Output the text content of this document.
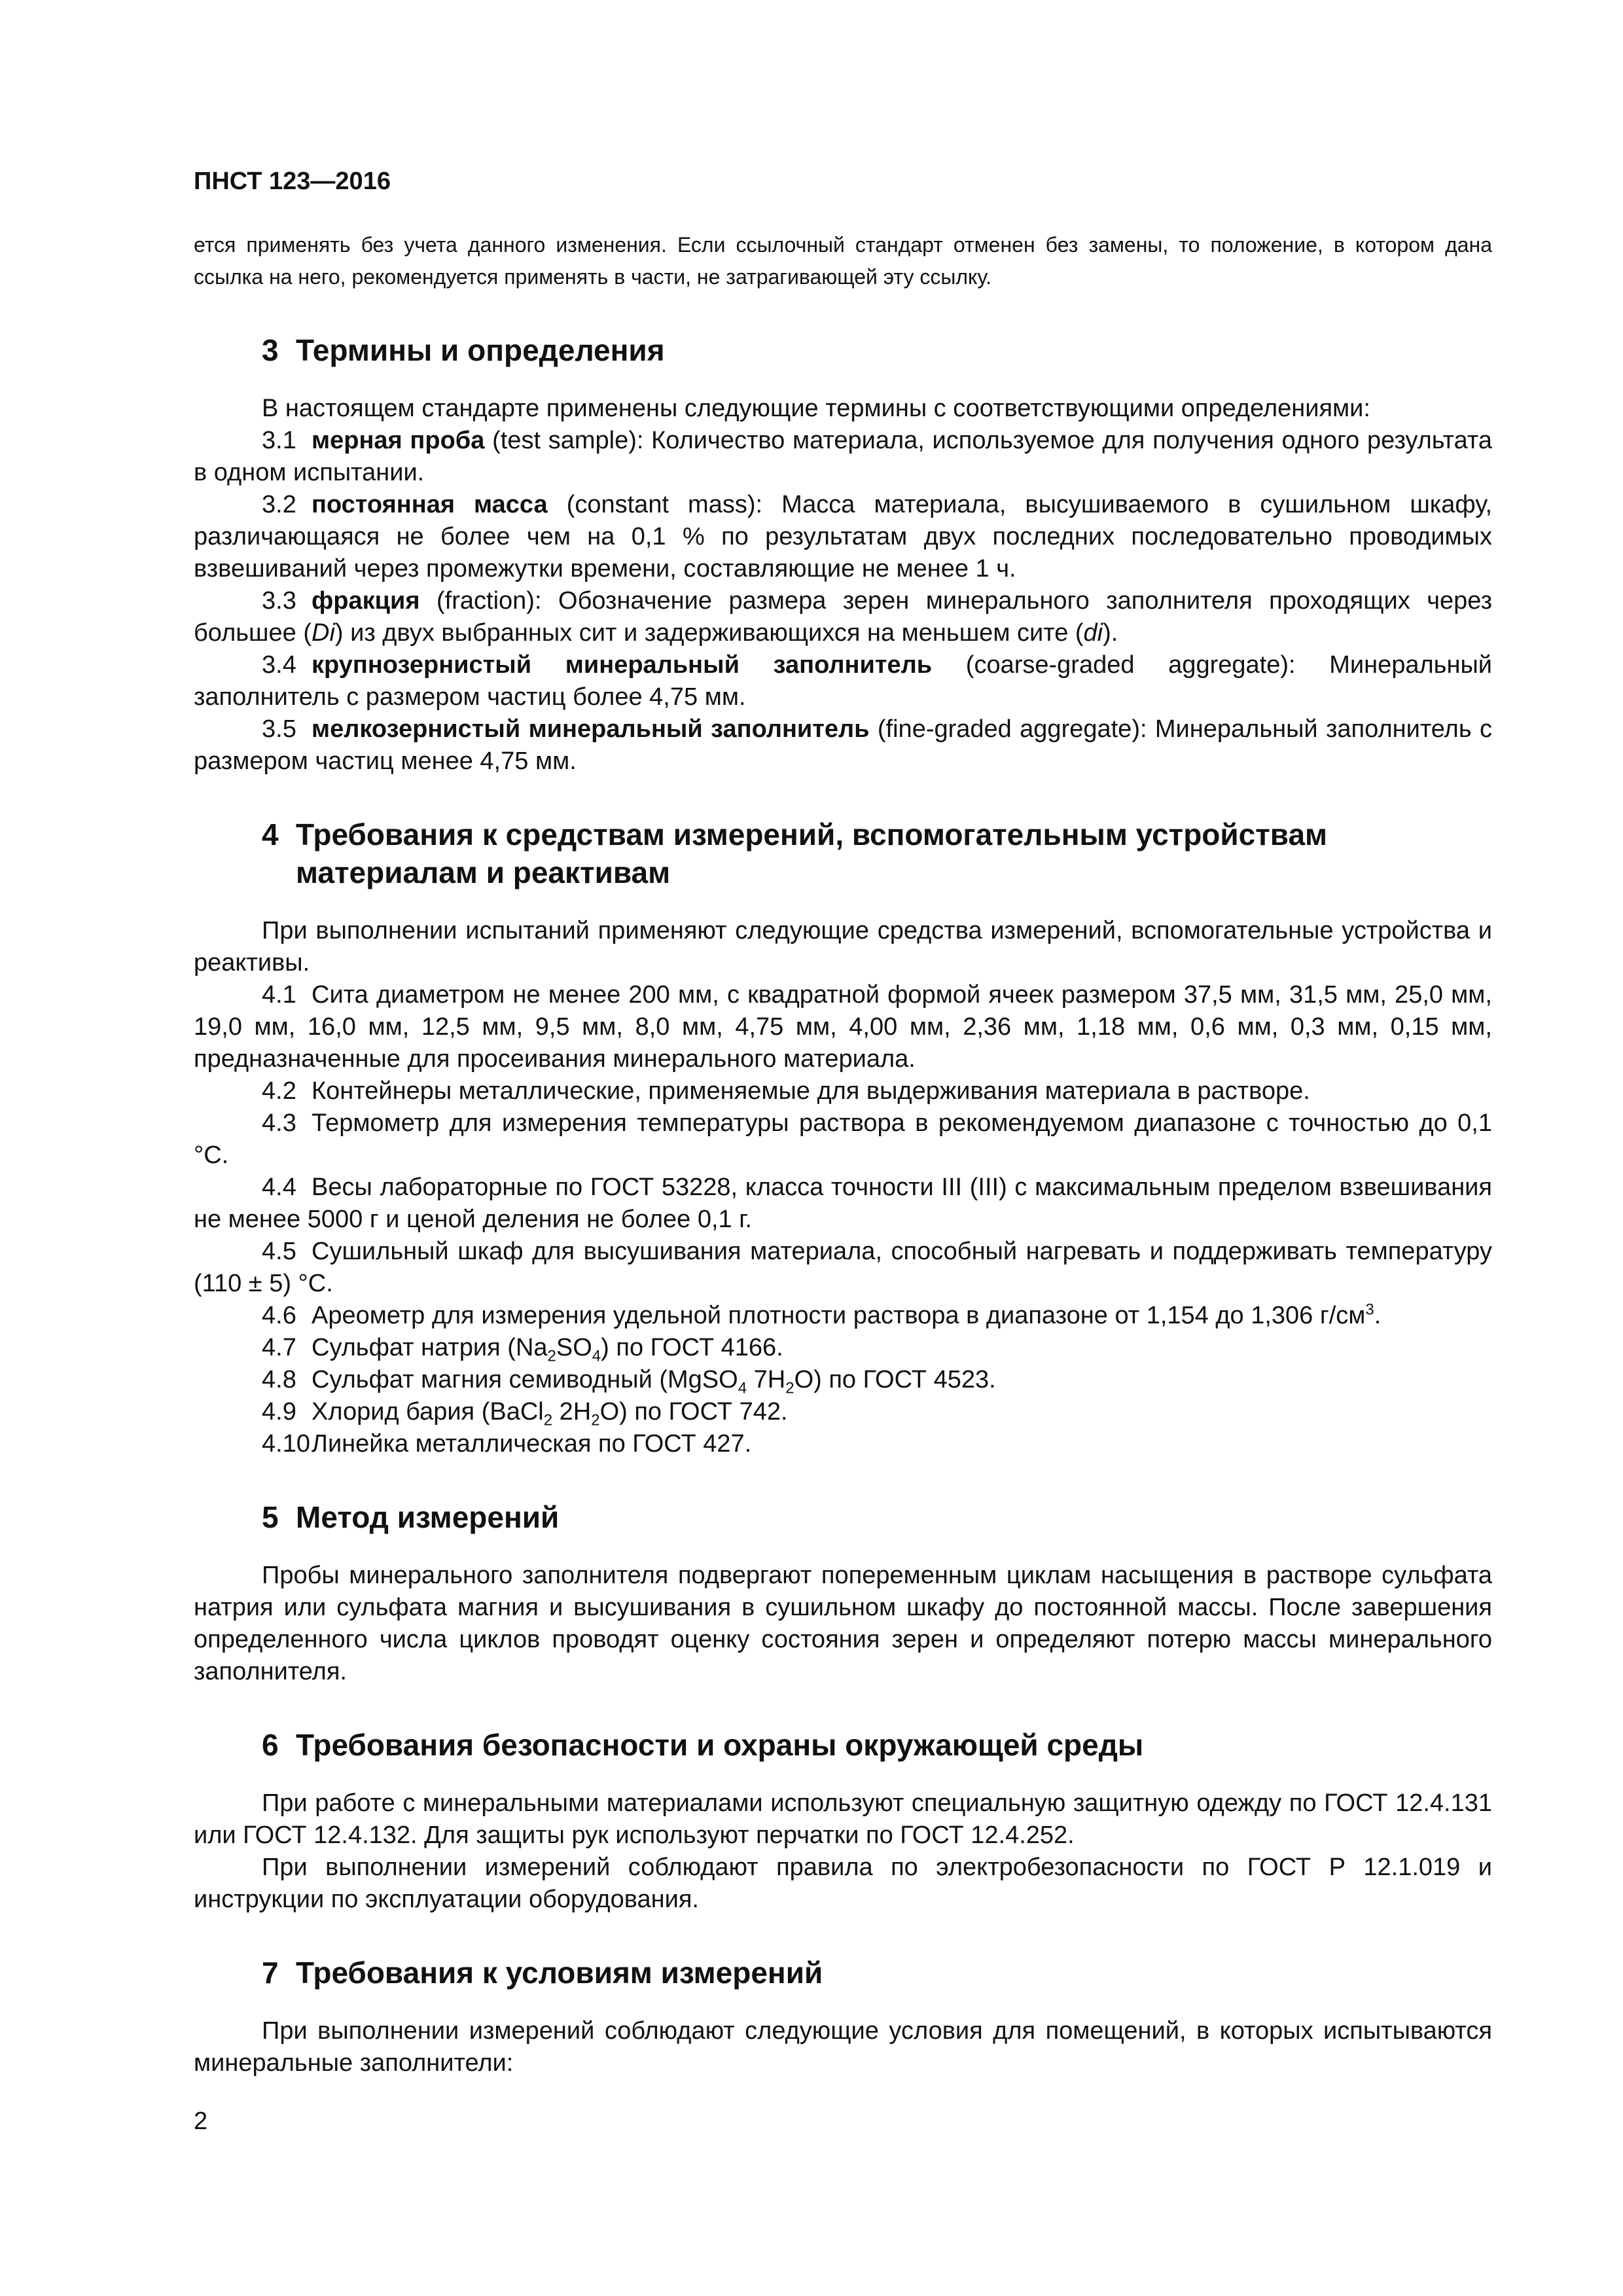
ПНСТ 123—2016

ется применять без учета данного изменения. Если ссылочный стандарт отменен без замены, то положение, в котором дана ссылка на него, рекомендуется применять в части, не затрагивающей эту ссылку.

3 Термины и определения

В настоящем стандарте применены следующие термины с соответствующими определениями:

3.1 мерная проба (test sample): Количество материала, используемое для получения одного результата в одном испытании.

3.2 постоянная масса (constant mass): Масса материала, высушиваемого в сушильном шкафу, различающаяся не более чем на 0,1 % по результатам двух последних последовательно проводимых взвешиваний через промежутки времени, составляющие не менее 1 ч.

3.3 фракция (fraction): Обозначение размера зерен минерального заполнителя проходящих через большее (Di) из двух выбранных сит и задерживающихся на меньшем сите (di).

3.4 крупнозернистый минеральный заполнитель (coarse-graded aggregate): Минеральный заполнитель с размером частиц более 4,75 мм.

3.5 мелкозернистый минеральный заполнитель (fine-graded aggregate): Минеральный заполнитель с размером частиц менее 4,75 мм.

4 Требования к средствам измерений, вспомогательным устройствам материалам и реактивам

При выполнении испытаний применяют следующие средства измерений, вспомогательные устройства и реактивы.

4.1 Сита диаметром не менее 200 мм, с квадратной формой ячеек размером 37,5 мм, 31,5 мм, 25,0 мм, 19,0 мм, 16,0 мм, 12,5 мм, 9,5 мм, 8,0 мм, 4,75 мм, 4,00 мм, 2,36 мм, 1,18 мм, 0,6 мм, 0,3 мм, 0,15 мм, предназначенные для просеивания минерального материала.

4.2 Контейнеры металлические, применяемые для выдерживания материала в растворе.

4.3 Термометр для измерения температуры раствора в рекомендуемом диапазоне с точностью до 0,1 °С.

4.4 Весы лабораторные по ГОСТ 53228, класса точности III (III) с максимальным пределом взвешивания не менее 5000 г и ценой деления не более 0,1 г.

4.5 Сушильный шкаф для высушивания материала, способный нагревать и поддерживать температуру (110 ± 5) °С.

4.6 Ареометр для измерения удельной плотности раствора в диапазоне от 1,154 до 1,306 $г/см^3$.

4.7 Сульфат натрия $(Na_2SO_4)$ по ГОСТ 4166.

4.8 Сульфат магния семиводный (MgSO$_4$ $7H_2O$) по ГОСТ 4523.

4.9 Хлорид бария (BaCl$_2$ $2H_2O$) по ГОСТ 742.

4.10Линейка металлическая по ГОСТ 427.

5 Метод измерений

Пробы минерального заполнителя подвергают попеременным циклам насыщения в растворе сульфата натрия или сульфата магния и высушивания в сушильном шкафу до постоянной массы. После завершения определенного числа циклов проводят оценку состояния зерен и определяют потерю массы минерального заполнителя.

6 Требования безопасности и охраны окружающей среды

При работе с минеральными материалами используют специальную защитную одежду по ГОСТ 12.4.131 или ГОСТ 12.4.132. Для защиты рук используют перчатки по ГОСТ 12.4.252.

При выполнении измерений соблюдают правила по электробезопасности по ГОСТ Р 12.1.019 и инструкции по эксплуатации оборудования.

7 Требования к условиям измерений

При выполнении измерений соблюдают следующие условия для помещений, в которых испытываются минеральные заполнители:

2
